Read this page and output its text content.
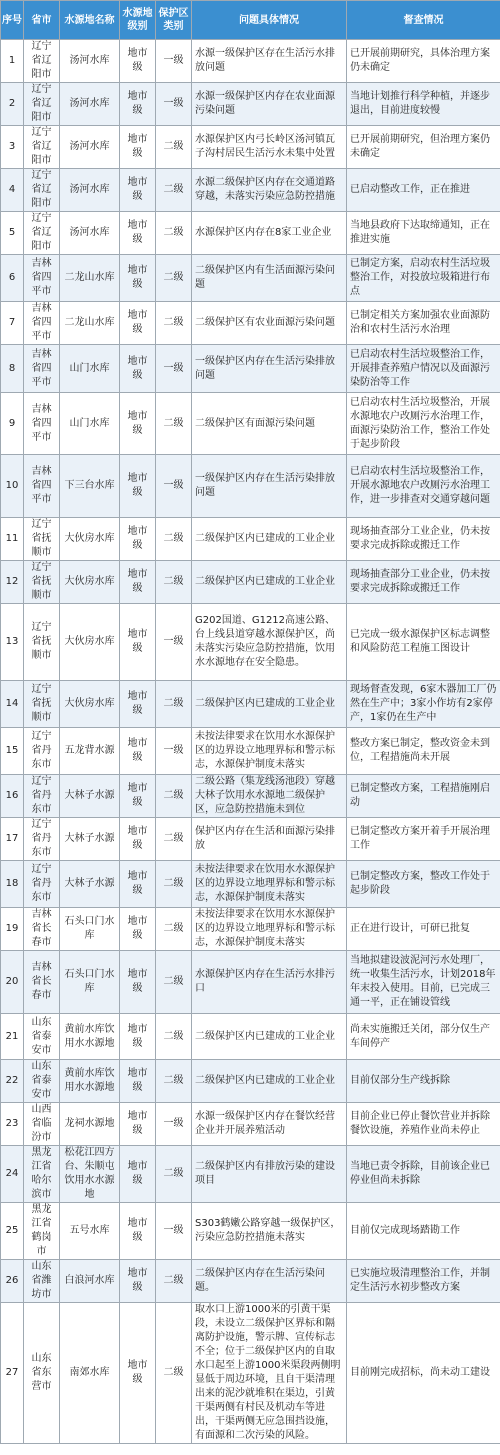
序号	省市	水源地名称	水源地级别	保护区类别	问题具体情况	督查情况
1	辽宁省辽阳市	汤河水库	地市级	一级	水源一级保护区存在生活污水排放问题	已开展前期研究，具体治理方案仍未确定
2	辽宁省辽阳市	汤河水库	地市级	一级	水源一级保护区内存在农业面源污染问题	当地计划推行科学种植，并逐步退出，目前进度较慢
3	辽宁省辽阳市	汤河水库	地市级	二级	水源保护区内弓长岭区汤河镇瓦子沟村居民生活污水未集中处置	已开展前期研究，但治理方案仍未确定
4	辽宁省辽阳市	汤河水库	地市级	二级	水源二级保护区内存在交通道路穿越，未落实污染应急防控措施	已启动整改工作，正在推进
5	辽宁省辽阳市	汤河水库	地市级	二级	水源保护区内存在8家工业企业	当地县政府下达取缔通知，正在推进实施
6	吉林省四平市	二龙山水库	地市级	二级	二级保护区内有生活面源污染问题	已制定方案，启动农村生活垃圾整治工作，对投放垃圾箱进行布点
7	吉林省四平市	二龙山水库	地市级	二级	二级保护区有农业面源污染问题	已制定相关方案加强农业面源防治和农村生活污水治理
8	吉林省四平市	山门水库	地市级	一级	一级保护区内存在生活污染排放问题	已启动农村生活垃圾整治工作，开展排查养殖户情况以及面源污染防治等工作
9	吉林省四平市	山门水库	地市级	二级	二级保护区有面源污染问题	已启动农村生活垃圾整治，开展水源地农户改厕污水治理工作，面源污染防治工作，整治工作处于起步阶段
10	吉林省四平市	下三台水库	地市级	一级	一级保护区内存在生活污染排放问题	已启动农村生活垃圾整治工作，开展水源地农户改厕污水治理工作，进一步排查对交通穿越问题
11	辽宁省抚顺市	大伙房水库	地市级	二级	二级保护区内已建成的工业企业	现场抽查部分工业企业，仍未按要求完成拆除或搬迁工作
12	辽宁省抚顺市	大伙房水库	地市级	二级	二级保护区内已建成的工业企业	现场抽查部分工业企业，仍未按要求完成拆除或搬迁工作
13	辽宁省抚顺市	大伙房水库	地市级	一级	G202国道、G1212高速公路、台上线县道穿越水源保护区，尚未落实污染应急防控措施，饮用水水源地存在安全隐患。	已完成一级水源保护区标志调整和风险防范工程施工图设计
14	辽宁省抚顺市	大伙房水库	地市级	二级	二级保护区内已建成的工业企业	现场督查发现，6家木器加工厂仍然在生产中；3家小作坊有2家停产，1家仍在生产中
15	辽宁省丹东市	五龙背水源	地市级	一级	未按法律要求在饮用水水源保护区的边界设立地理界标和警示标志，水源保护制度未落实	整改方案已制定，整改资金未到位，工程措施尚未开展
16	辽宁省丹东市	大林子水源	地市级	二级	二级公路（集龙线汤池段）穿越大林子饮用水水源地二级保护区，应急防控措施未到位	已制定整改方案，工程措施刚启动
17	辽宁省丹东市	大林子水源	地市级	二级	保护区内存在生活和面源污染排放	已制定整改方案开着手开展治理工作
18	辽宁省丹东市	大林子水源	地市级	二级	未按法律要求在饮用水水源保护区的边界设立地理界标和警示标志，水源保护制度未落实	已制定整改方案，整改工作处于起步阶段
19	吉林省长春市	石头口门水库	地市级	二级	未按法律要求在饮用水水源保护区的边界设立地理界标和警示标志，水源保护制度未落实	正在进行设计，可研已批复
20	吉林省长春市	石头口门水库	地市级	二级	水源保护区内存在生活污水排污口	当地拟建设波泥河污水处理厂，统一收集生活污水，计划2018年年末投入使用。目前，已完成三通一平，正在铺设管线
21	山东省泰安市	黄前水库饮用水水源地	地市级	二级	二级保护区内已建成的工业企业	尚未实施搬迁关闭，部分仅生产车间停产
22	山东省泰安市	黄前水库饮用水水源地	地市级	二级	二级保护区内已建成的工业企业	目前仅部分生产线拆除
23	山西省临汾市	龙祠水源地	地市级	一级	水源一级保护区内存在餐饮经营企业并开展养殖活动	目前企业已停止餐饮营业并拆除餐饮设施，养殖作业尚未停止
24	黑龙江省哈尔滨市	松花江四方台、朱顺屯饮用水水源地	地市级	二级	二级保护区内有排放污染的建设项目	当地已责令拆除，目前该企业已停业但尚未拆除
25	黑龙江省鹤岗市	五号水库	地市级	一级	S303鹤嫩公路穿越一级保护区，污染应急防控措施未落实	目前仅完成现场踏勘工作
26	山东省潍坊市	白浪河水库	地市级	二级	二级保护区内存在生活污染问题。	已实施垃圾清理整治工作，并制定生活污水初步整改方案
27	山东省东营市	南郊水库	地市级	二级	取水口上游1000米的引黄干渠段，未设立二级保护区界标和隔离防护设施，警示牌、宣传标志不全；位于二级保护区内的自取水口起至上游1000米渠段两侧明显低于周边环境，且自干渠清理出来的泥沙就堆积在渠边，引黄干渠两侧有村民及机动车等进出，干渠两侧无应急围挡设施，有面源和二次污染的风险。	目前刚完成招标，尚未动工建设
